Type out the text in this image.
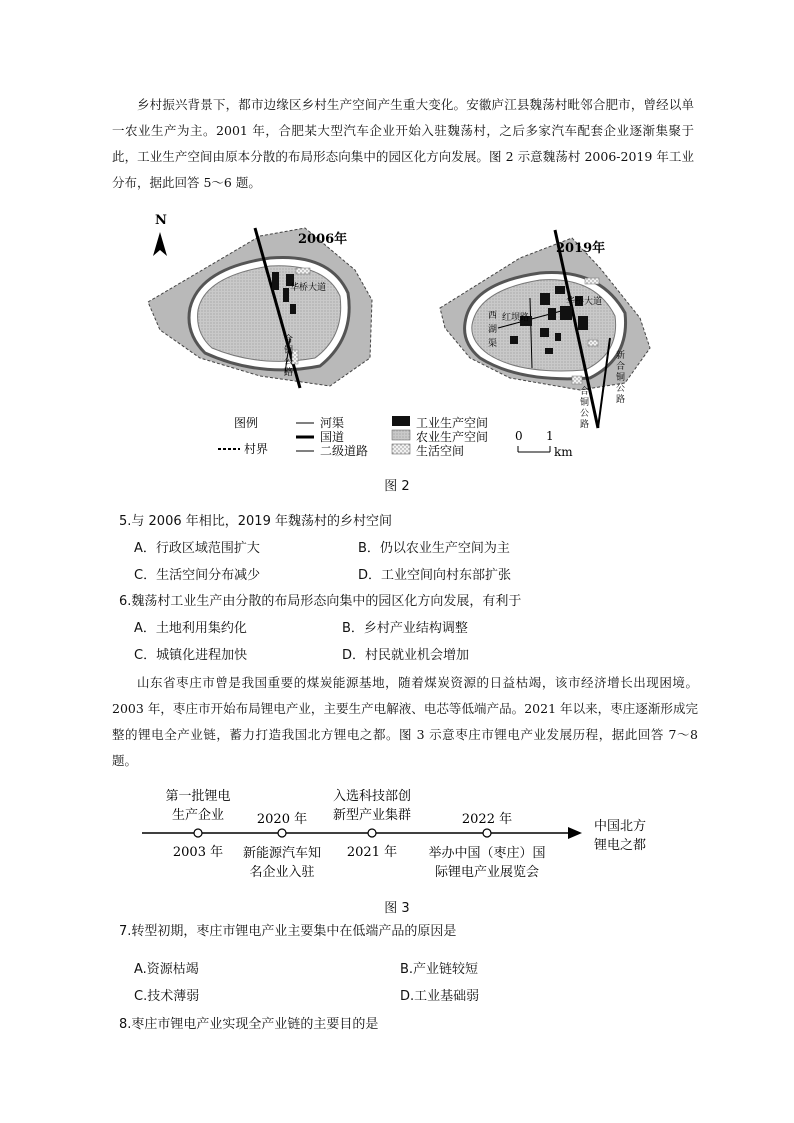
乡村振兴背景下，都市边缘区乡村生产空间产生重大变化。安徽庐江县魏荡村毗邻合肥市，曾经以单一农业生产为主。2001 年，合肥某大型汽车企业开始入驻魏荡村，之后多家汽车配套企业逐渐集聚于此，工业生产空间由原本分散的布局形态向集中的园区化方向发展。图 2 示意魏荡村 2006-2019 年工业分布，据此回答 5～6 题。
N
2006年
华桥大道
合
铜
公
路
2019年
华桥大道
红坝路
西
湖
渠
合
铜
公
路
新
合
铜
公
路
图例	河渠
国道
二级道路
村界
工业生产空间
农业生产空间
生活空间
0 1
km
图 2
5.与 2006 年相比，2019 年魏荡村的乡村空间
A．行政区域范围扩大	B．仍以农业生产空间为主
C．生活空间分布减少	D．工业空间向村东部扩张
6.魏荡村工业生产由分散的布局形态向集中的园区化方向发展，有利于
A．土地利用集约化	B．乡村产业结构调整
C．城镇化进程加快	D．村民就业机会增加
山东省枣庄市曾是我国重要的煤炭能源基地，随着煤炭资源的日益枯竭，该市经济增长出现困境。2003 年，枣庄市开始布局锂电产业，主要生产电解液、电芯等低端产品。2021 年以来，枣庄逐渐形成完整的锂电全产业链，蓄力打造我国北方锂电之都。图 3 示意枣庄市锂电产业发展历程，据此回答 7～8 题。
第一批锂电
生产企业
2003 年
2020 年
新能源汽车知
名企业入驻
入选科技部创
新型产业集群
2021 年
2022 年
举办中国（枣庄）国
际锂电产业展览会
中国北方
锂电之都
图 3
7.转型初期，枣庄市锂电产业主要集中在低端产品的原因是
A.资源枯竭	B.产业链较短
C.技术薄弱	D.工业基础弱
8.枣庄市锂电产业实现全产业链的主要目的是
